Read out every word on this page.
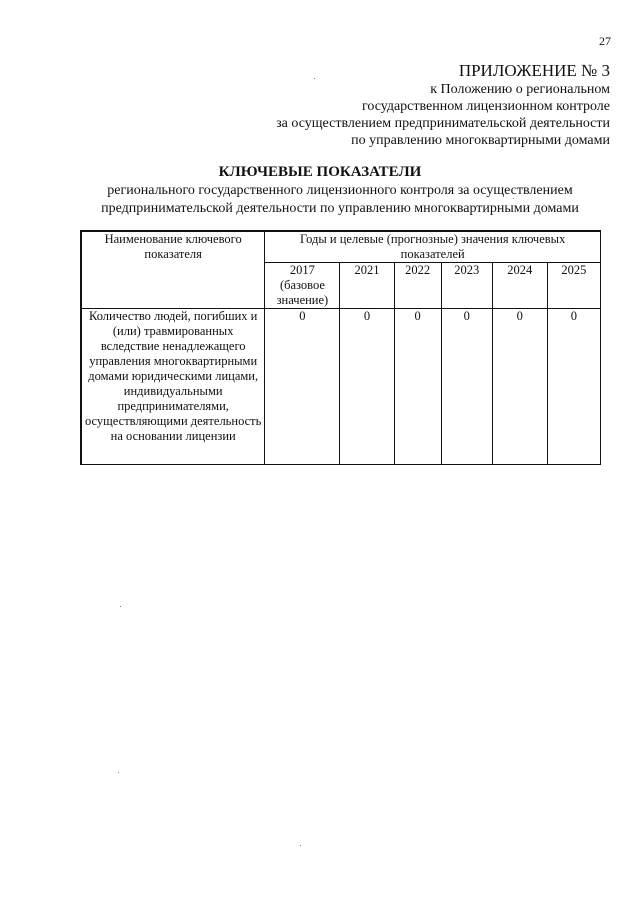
27
ПРИЛОЖЕНИЕ № 3
к Положению о региональном
государственном лицензионном контроле
за осуществлением предпринимательской деятельности
по управлению многоквартирными домами
КЛЮЧЕВЫЕ ПОКАЗАТЕЛИ
регионального государственного лицензионного контроля за осуществлением
предпринимательской деятельности по управлению многоквартирными домами
Наименование ключевого показателя	Годы и целевые (прогнозные) значения ключевых показателей					
	2017 (базовое значение)	2021	2022	2023	2024	2025
Количество людей, погибших и (или) травмированных вследствие ненадлежащего управления многоквартирными домами юридическими лицами, индивидуальными предпринимателями, осуществляющими деятельность на основании лицензии	0	0	0	0	0	0
